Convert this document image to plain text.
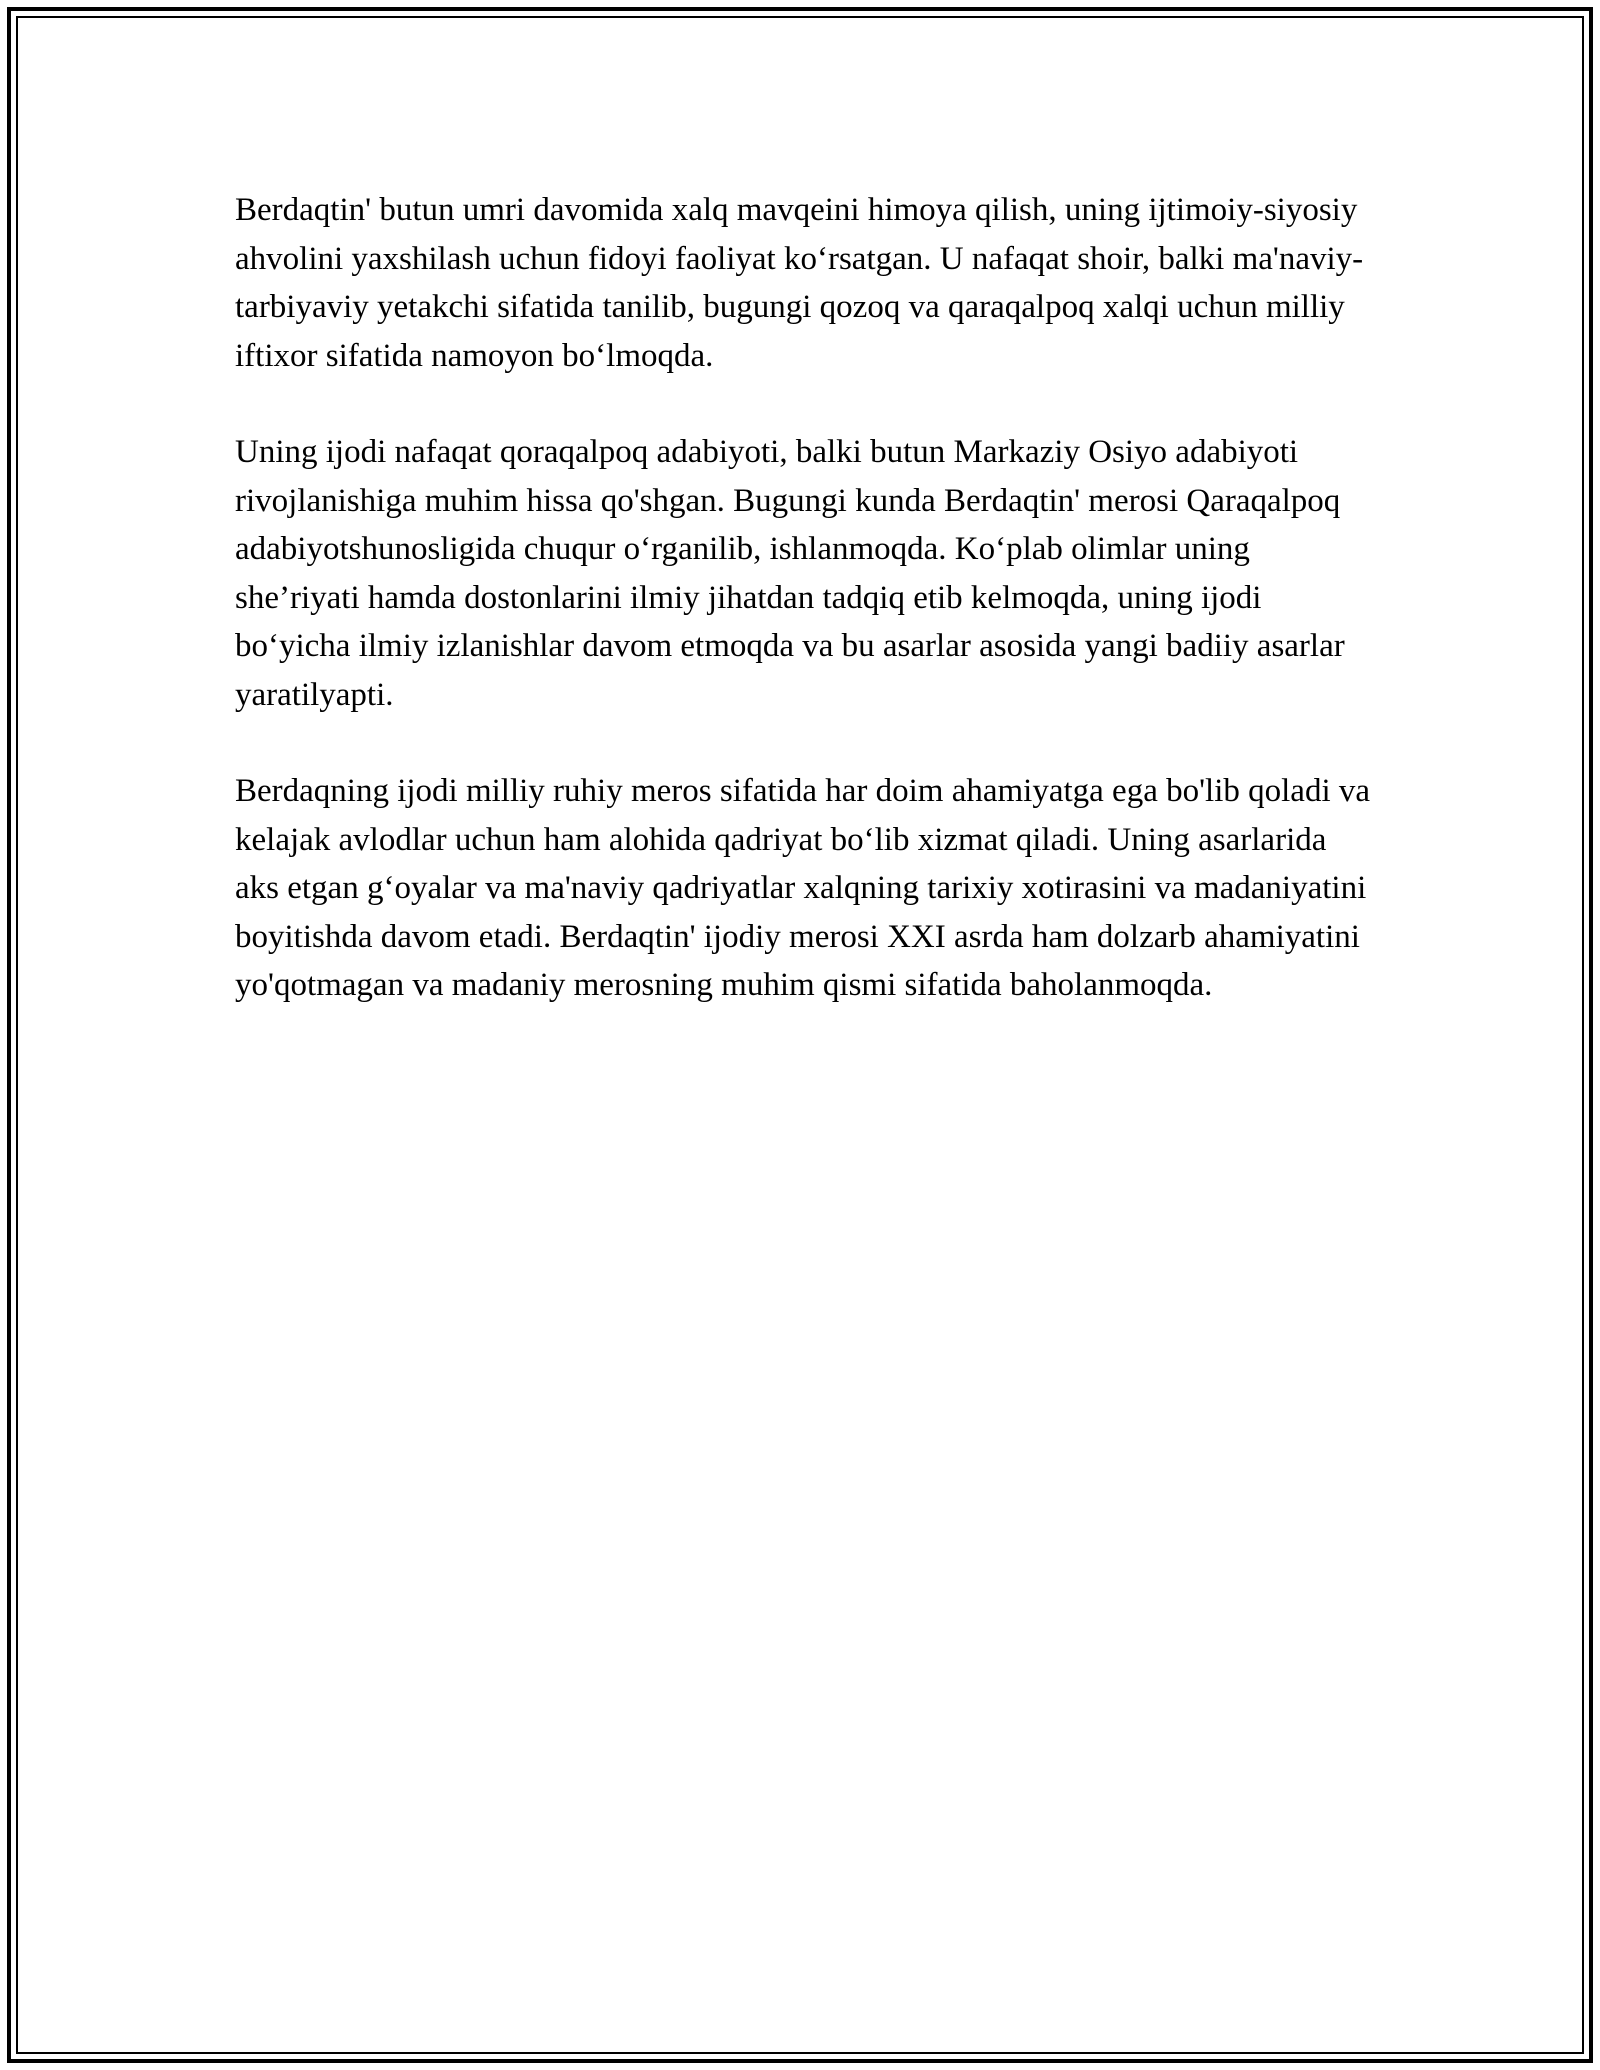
Berdaqtin' butun umri davomida xalq mavqeini himoya qilish, uning ijtimoiy-siyosiy ahvolini yaxshilash uchun fidoyi faoliyat ko‘rsatgan. U nafaqat shoir, balki ma'naviy-tarbiyaviy yetakchi sifatida tanilib, bugungi qozoq va qaraqalpoq xalqi uchun milliy iftixor sifatida namoyon bo‘lmoqda.

Uning ijodi nafaqat qoraqalpoq adabiyoti, balki butun Markaziy Osiyo adabiyoti rivojlanishiga muhim hissa qo'shgan. Bugungi kunda Berdaqtin' merosi Qaraqalpoq adabiyotshunosligida chuqur o‘rganilib, ishlanmoqda. Ko‘plab olimlar uning she’riyati hamda dostonlarini ilmiy jihatdan tadqiq etib kelmoqda, uning ijodi bo‘yicha ilmiy izlanishlar davom etmoqda va bu asarlar asosida yangi badiiy asarlar yaratilyapti.

Berdaqning ijodi milliy ruhiy meros sifatida har doim ahamiyatga ega bo'lib qoladi va kelajak avlodlar uchun ham alohida qadriyat bo‘lib xizmat qiladi. Uning asarlarida aks etgan g‘oyalar va ma'naviy qadriyatlar xalqning tarixiy xotirasini va madaniyatini boyitishda davom etadi. Berdaqtin' ijodiy merosi XXI asrda ham dolzarb ahamiyatini yo'qotmagan va madaniy merosning muhim qismi sifatida baholanmoqda.
